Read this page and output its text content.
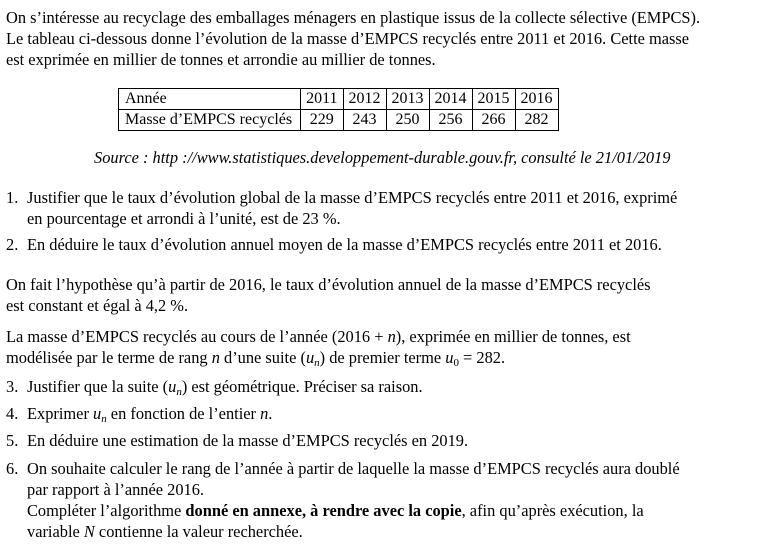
On s’intéresse au recyclage des emballages ménagers en plastique issus de la collecte sélective (EMPCS).
Le tableau ci-dessous donne l’évolution de la masse d’EMPCS recyclés entre 2011 et 2016. Cette masse
est exprimée en millier de tonnes et arrondie au millier de tonnes.
Année	2011	2012	2013	2014	2015	2016
Masse d’EMPCS recyclés	229	243	250	256	266	282
Source : http ://www.statistiques.developpement-durable.gouv.fr, consulté le 21/01/2019
1. Justifier que le taux d’évolution global de la masse d’EMPCS recyclés entre 2011 et 2016, exprimé
en pourcentage et arrondi à l’unité, est de 23 %.
2. En déduire le taux d’évolution annuel moyen de la masse d’EMPCS recyclés entre 2011 et 2016.
On fait l’hypothèse qu’à partir de 2016, le taux d’évolution annuel de la masse d’EMPCS recyclés
est constant et égal à 4,2 %.
La masse d’EMPCS recyclés au cours de l’année (2016 + n), exprimée en millier de tonnes, est
modélisée par le terme de rang n d’une suite $(u_n)$ de premier terme $u_0 = 282$.
3. Justifier que la suite $(u_n)$ est géométrique. Préciser sa raison.
4. Exprimer $u_n$ en fonction de l’entier n.
5. En déduire une estimation de la masse d’EMPCS recyclés en 2019.
6. On souhaite calculer le rang de l’année à partir de laquelle la masse d’EMPCS recyclés aura doublé
par rapport à l’année 2016.
Compléter l’algorithme donné en annexe, à rendre avec la copie, afin qu’après exécution, la
variable N contienne la valeur recherchée.
